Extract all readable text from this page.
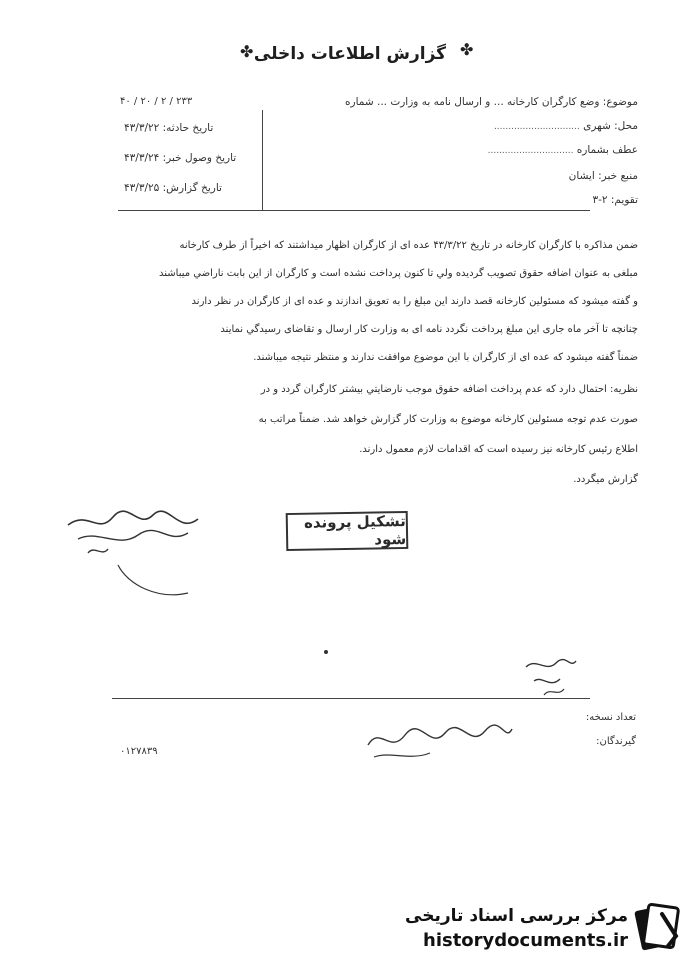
✤ گزارش اطلاعات داخلی ✤
موضوع: وضع كارگران کارخانه ... و ارسال نامه به وزارت ... شماره
۲۳۳ / ۲ / ۲۰ / ۴۰
محل: شهری ..............................
عطف بشماره ..............................
منبع خبر: ایشان
تقویم: ۲-۳
تاریخ حادثه: ۴۳/۳/۲۲
تاریخ وصول خبر: ۴۳/۳/۲۴
تاریخ گزارش: ۴۳/۳/۲۵
ضمن مذاكره با كارگران كارخانه در تاريخ ۴۳/۳/۲۲ عده ای از كارگران اظهار ميداشتند كه اخيراً از طرف كارخانه
مبلغی به عنوان اضافه حقوق تصویب گرديده ولي تا كنون پرداخت نشده است و كارگران از اين بابت ناراضي ميباشند
و گفته ميشود كه مسئولين كارخانه قصد دارند اين مبلغ را به تعويق اندازند و عده ای از كارگران در نظر دارند
چنانچه تا آخر ماه جاری اين مبلغ پرداخت نگردد نامه ای به وزارت كار ارسال و تقاضای رسيدگي نمايند
ضمناً گفته ميشود كه عده ای از كارگران با اين موضوع موافقت ندارند و منتظر نتيجه ميباشند.
نظريه: احتمال دارد كه عدم پرداخت اضافه حقوق موجب نارضايتي بيشتر كارگران گردد و در
صورت عدم توجه مسئولين كارخانه موضوع به وزارت كار گزارش خواهد شد. ضمناً مراتب به
اطلاع رئيس كارخانه نيز رسيده است كه اقدامات لازم معمول دارند.
گزارش ميگردد.
تشکیل پرونده شود
تعداد نسخه:
گیرندگان:
۰۱۲۷۸۳۹
مرکز بررسی اسناد تاریخی
historydocuments.ir
